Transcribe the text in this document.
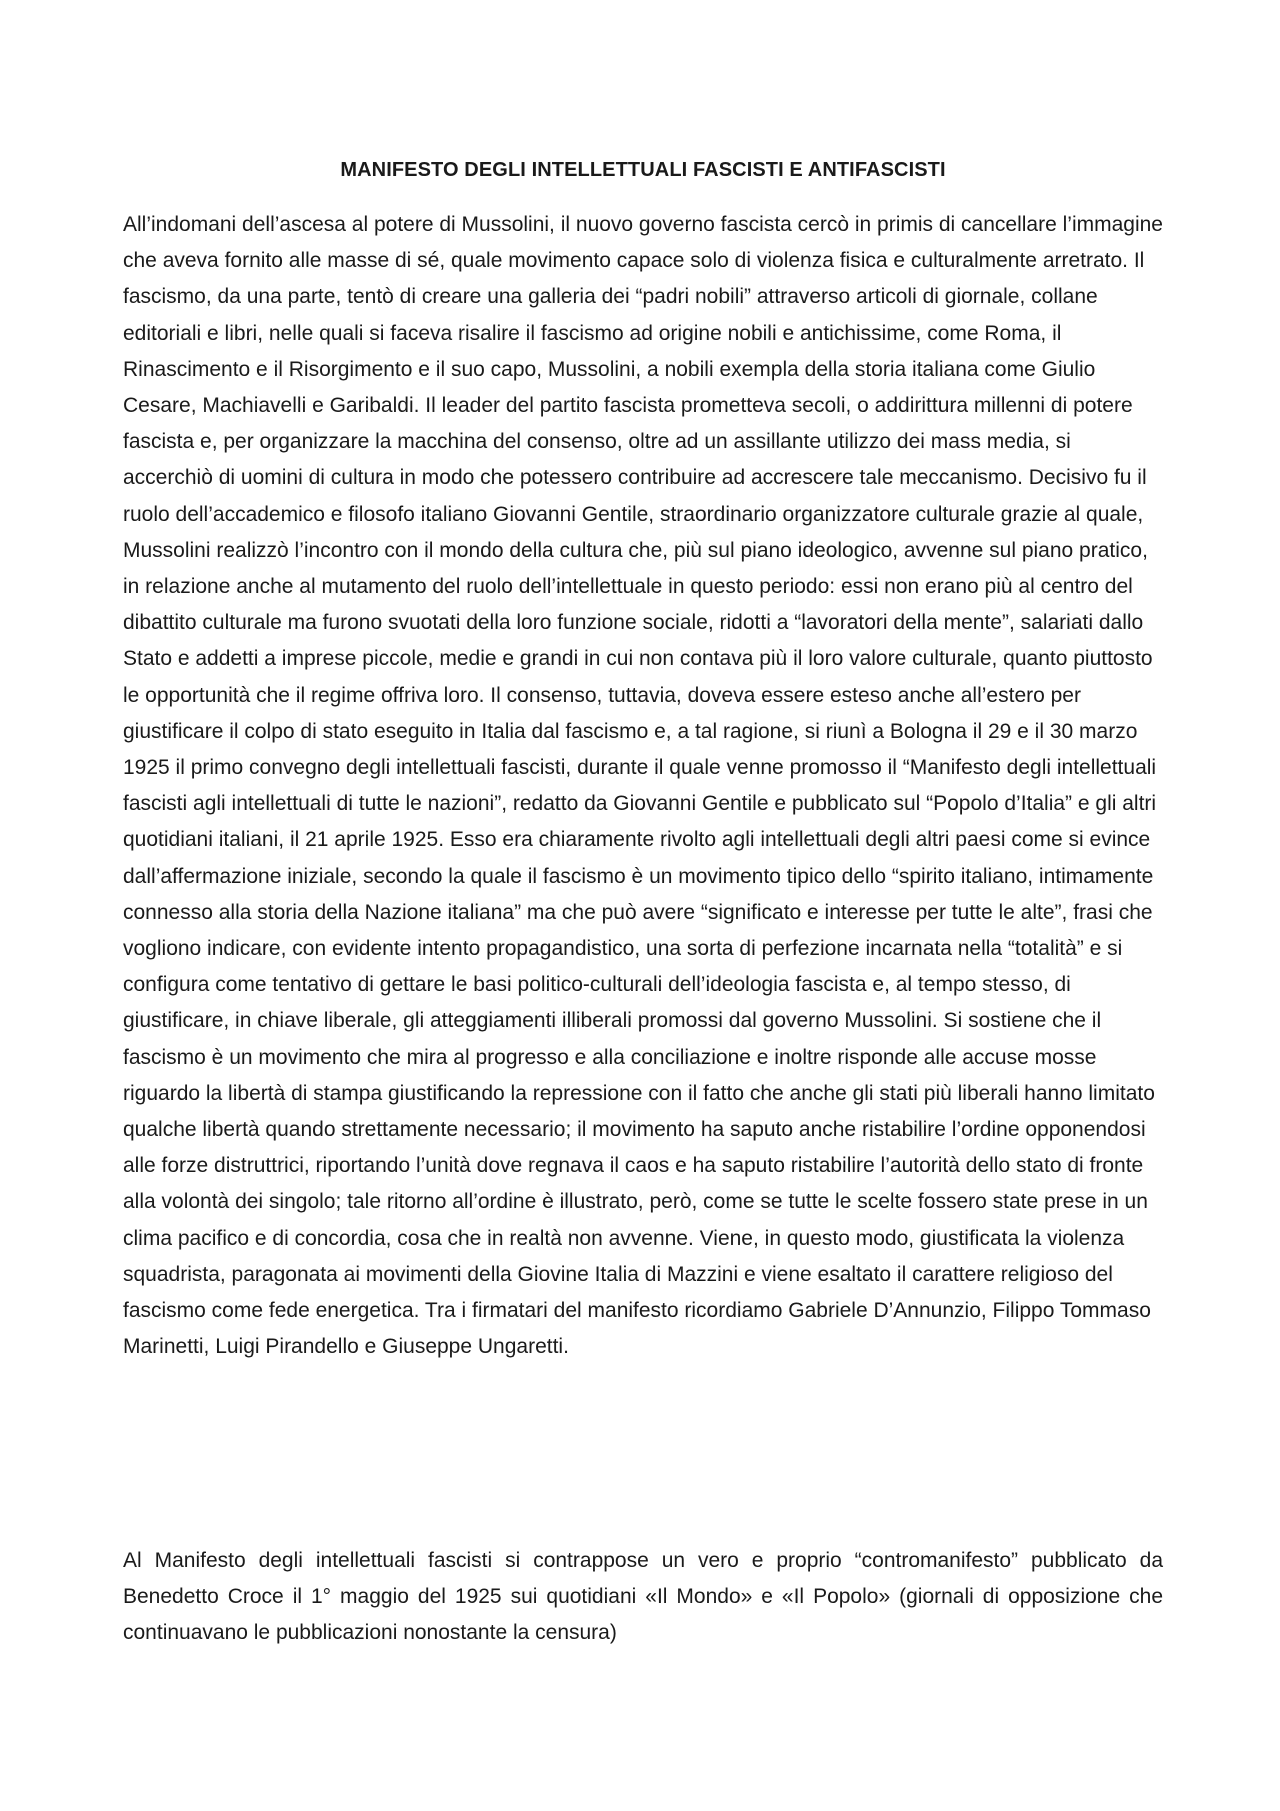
MANIFESTO DEGLI INTELLETTUALI FASCISTI E ANTIFASCISTI

All’indomani dell’ascesa al potere di Mussolini, il nuovo governo fascista cercò in primis di cancellare l’immagine che aveva fornito alle masse di sé, quale movimento capace solo di violenza fisica e culturalmente arretrato. Il fascismo, da una parte, tentò di creare una galleria dei “padri nobili” attraverso articoli di giornale, collane editoriali e libri, nelle quali si faceva risalire il fascismo ad origine nobili e antichissime, come Roma, il Rinascimento e il Risorgimento e il suo capo, Mussolini, a nobili exempla della storia italiana come Giulio Cesare, Machiavelli e Garibaldi. Il leader del partito fascista prometteva secoli, o addirittura millenni di potere fascista e, per organizzare la macchina del consenso, oltre ad un assillante utilizzo dei mass media, si accerchiò di uomini di cultura in modo che potessero contribuire ad accrescere tale meccanismo. Decisivo fu il ruolo dell’accademico e filosofo italiano Giovanni Gentile, straordinario organizzatore culturale grazie al quale, Mussolini realizzò l’incontro con il mondo della cultura che, più sul piano ideologico, avvenne sul piano pratico, in relazione anche al mutamento del ruolo dell’intellettuale in questo periodo: essi non erano più al centro del dibattito culturale ma furono svuotati della loro funzione sociale, ridotti a “lavoratori della mente”, salariati dallo Stato e addetti a imprese piccole, medie e grandi in cui non contava più il loro valore culturale, quanto piuttosto le opportunità che il regime offriva loro. Il consenso, tuttavia, doveva essere esteso anche all’estero per giustificare il colpo di stato eseguito in Italia dal fascismo e, a tal ragione, si riunì a Bologna il 29 e il 30 marzo 1925 il primo convegno degli intellettuali fascisti, durante il quale venne promosso il “Manifesto degli intellettuali fascisti agli intellettuali di tutte le nazioni”, redatto da Giovanni Gentile e pubblicato sul “Popolo d’Italia” e gli altri quotidiani italiani, il 21 aprile 1925. Esso era chiaramente rivolto agli intellettuali degli altri paesi come si evince dall’affermazione iniziale, secondo la quale il fascismo è un movimento tipico dello “spirito italiano, intimamente connesso alla storia della Nazione italiana” ma che può avere “significato e interesse per tutte le alte”, frasi che vogliono indicare, con evidente intento propagandistico, una sorta di perfezione incarnata nella “totalità” e si configura come tentativo di gettare le basi politico-culturali dell’ideologia fascista e, al tempo stesso, di giustificare, in chiave liberale, gli atteggiamenti illiberali promossi dal governo Mussolini. Si sostiene che il fascismo è un movimento che mira al progresso e alla conciliazione e inoltre risponde alle accuse mosse riguardo la libertà di stampa giustificando la repressione con il fatto che anche gli stati più liberali hanno limitato qualche libertà quando strettamente necessario; il movimento ha saputo anche ristabilire l’ordine opponendosi alle forze distruttrici, riportando l’unità dove regnava il caos e ha saputo ristabilire l’autorità dello stato di fronte alla volontà dei singolo; tale ritorno all’ordine è illustrato, però, come se tutte le scelte fossero state prese in un clima pacifico e di concordia, cosa che in realtà non avvenne. Viene, in questo modo, giustificata la violenza squadrista, paragonata ai movimenti della Giovine Italia di Mazzini e viene esaltato il carattere religioso del fascismo come fede energetica. Tra i firmatari del manifesto ricordiamo Gabriele D’Annunzio, Filippo Tommaso Marinetti, Luigi Pirandello e Giuseppe Ungaretti.

Al Manifesto degli intellettuali fascisti si contrappose un vero e proprio “contromanifesto” pubblicato da Benedetto Croce il 1° maggio del 1925 sui quotidiani «Il Mondo» e «Il Popolo» (giornali di opposizione che continuavano le pubblicazioni nonostante la censura)
